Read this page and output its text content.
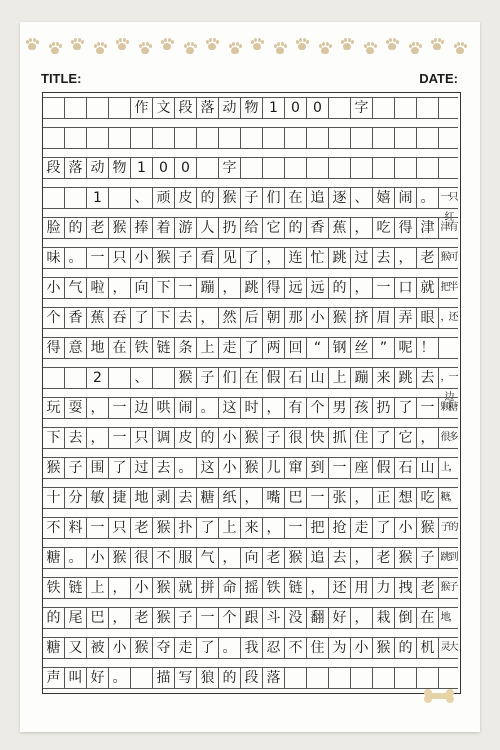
TITLE:	DATE:
作 文 段 落 动 物 1 0 0	字
段 落 动 物 1 0 0	字
1	、 顽 皮 的 猴 子 们 在 追 逐 、 嬉 闹 。 一只红
脸 的 老 猴 捧 着 游 人 扔 给 它 的 香 蕉 ， 吃 得 津 津有
味 。 一 只 小 猴 子 看 见 了 ， 连 忙 跳 过 去 ， 老 猴可
小 气 啦 ， 向 下 一 蹦 ， 跳 得 远 远 的 ， 一 口 就 把半
个 香 蕉 吞 了 下 去 ， 然 后 朝 那 小 猴 挤 眉 弄 眼 ，还
得 意 地 在 铁 链 条 上 走 了 两 回 “ 钢 丝 ” 呢 ！
2	、	猴 子 们 在 假 石 山 上 蹦 来 跳 去 ，一边
玩 耍 ， 一 边 哄 闹 。 这 时 ， 有 个 男 孩 扔 了 一 颗糖
下 去 ， 一 只 调 皮 的 小 猴 子 很 快 抓 住 了 它 ， 很多
猴 子 围 了 过 去 。 这 小 猴 儿 窜 到 一 座 假 石 山 上，
十 分 敏 捷 地 剥 去 糖 纸 ， 嘴 巴 一 张 ， 正 想 吃 糖，
不 料 一 只 老 猴 扑 了 上 来 ， 一 把 抢 走 了 小 猴 子的
糖 。 小 猴 很 不 服 气 ， 向 老 猴 追 去 ， 老 猴 子 跳到
铁 链 上 ， 小 猴 就 拼 命 摇 铁 链 ， 还 用 力 拽 老 猴子
的 尾 巴 ， 老 猴 子 一 个 跟 斗 没 翻 好 ， 栽 倒 在 地，
糖 又 被 小 猴 夺 走 了 。 我 忍 不 住 为 小 猴 的 机 灵大
声 叫 好 。	描 写 狼 的 段 落
